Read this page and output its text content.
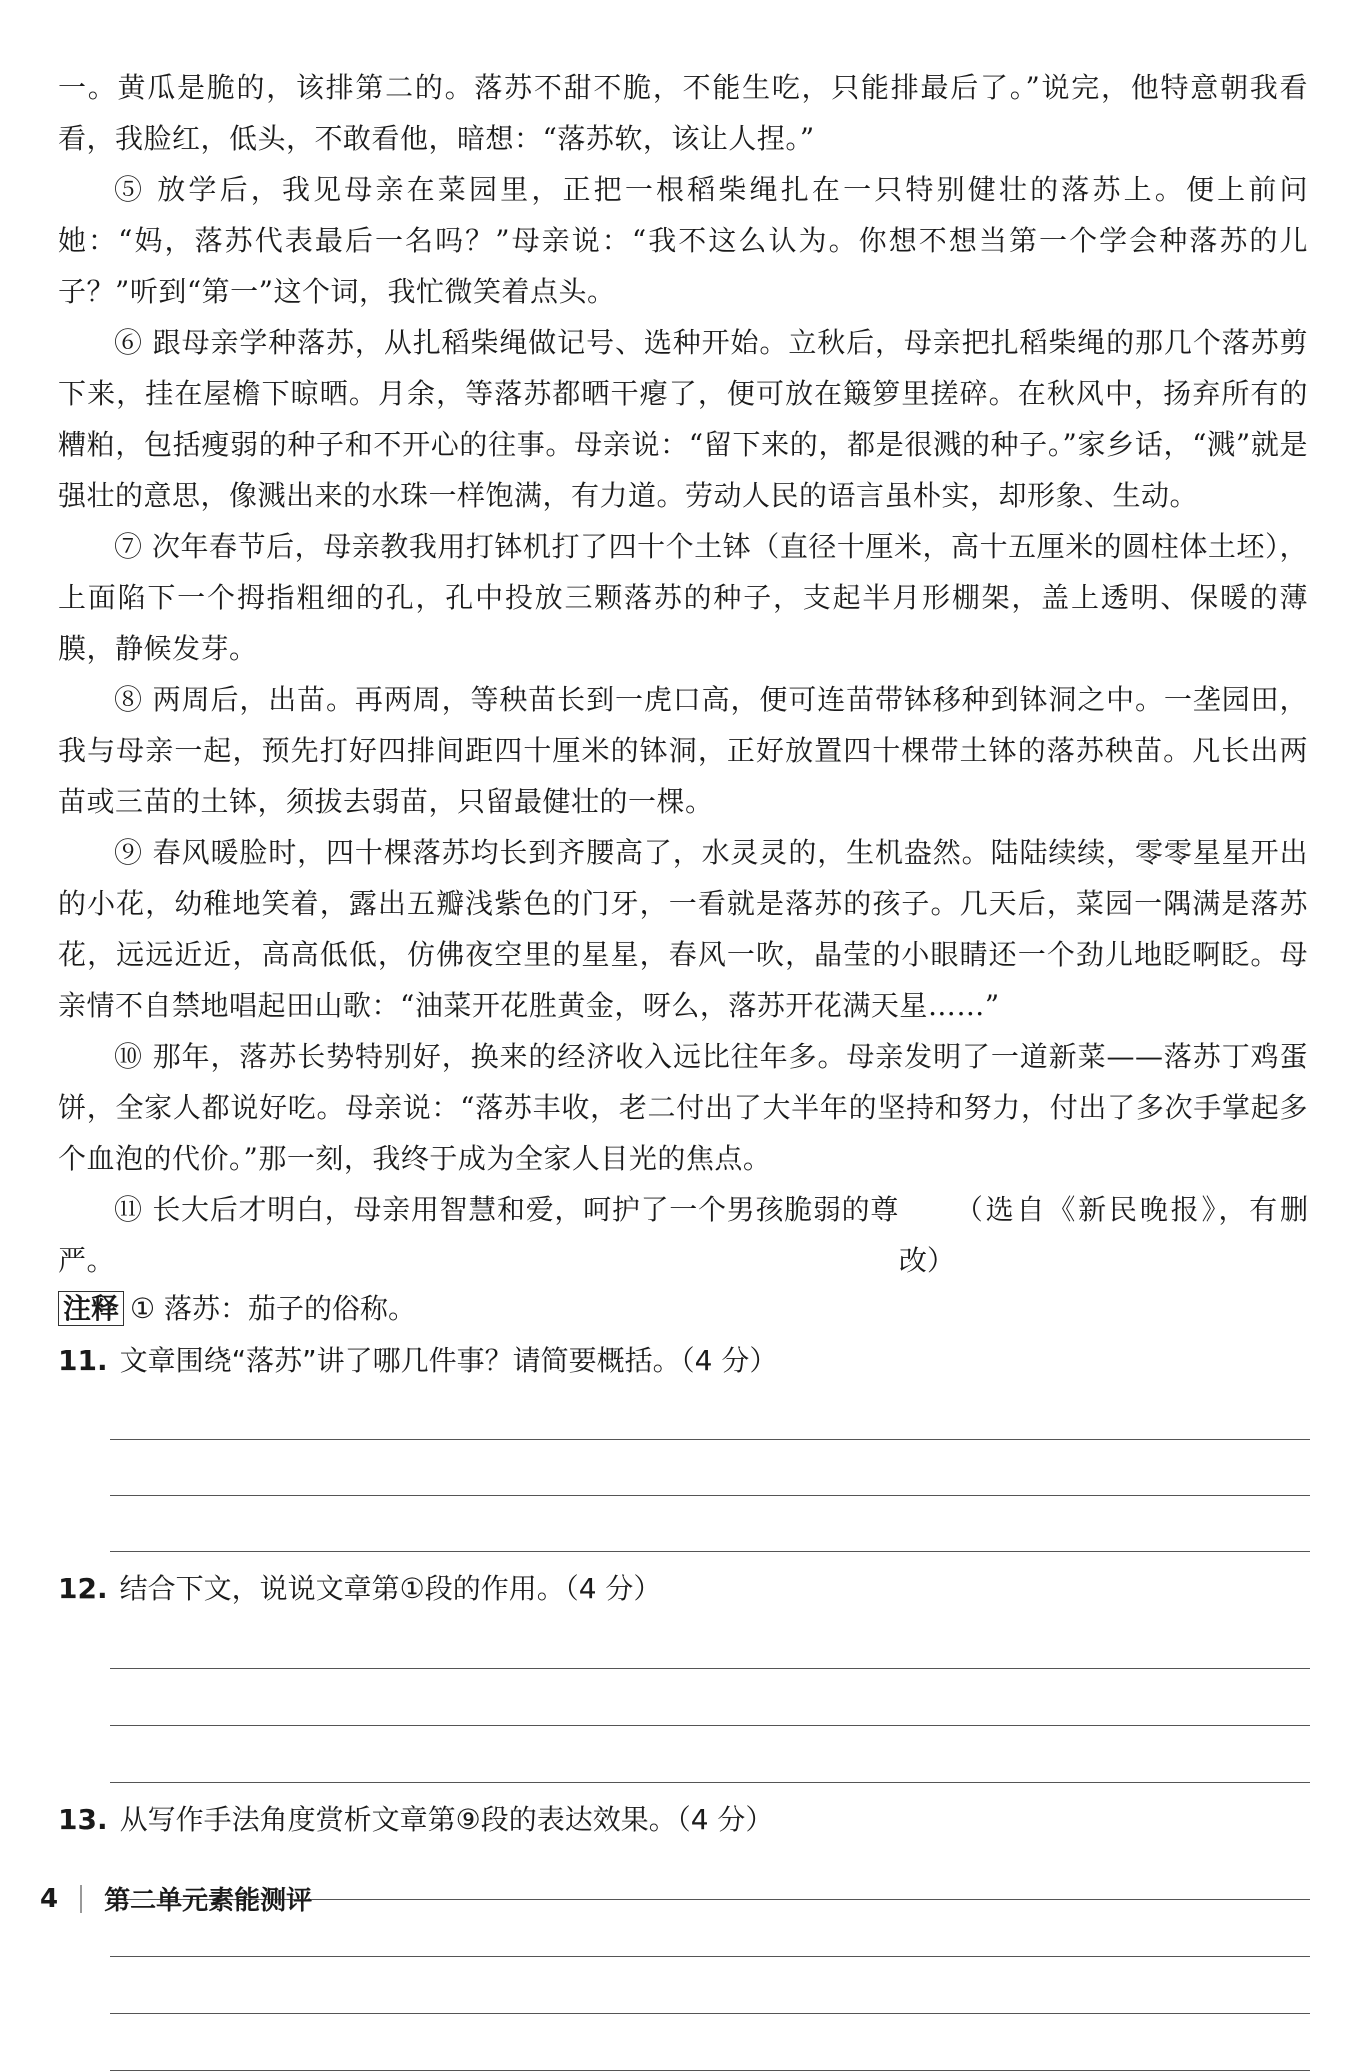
一。黄瓜是脆的，该排第二的。落苏不甜不脆，不能生吃，只能排最后了。”说完，他特意朝我看看，我脸红，低头，不敢看他，暗想：“落苏软，该让人捏。”

⑤ 放学后，我见母亲在菜园里，正把一根稻柴绳扎在一只特别健壮的落苏上。便上前问她：“妈，落苏代表最后一名吗？”母亲说：“我不这么认为。你想不想当第一个学会种落苏的儿子？”听到“第一”这个词，我忙微笑着点头。

⑥ 跟母亲学种落苏，从扎稻柴绳做记号、选种开始。立秋后，母亲把扎稻柴绳的那几个落苏剪下来，挂在屋檐下晾晒。月余，等落苏都晒干瘪了，便可放在簸箩里搓碎。在秋风中，扬弃所有的糟粕，包括瘦弱的种子和不开心的往事。母亲说：“留下来的，都是很溅的种子。”家乡话，“溅”就是强壮的意思，像溅出来的水珠一样饱满，有力道。劳动人民的语言虽朴实，却形象、生动。

⑦ 次年春节后，母亲教我用打钵机打了四十个土钵（直径十厘米，高十五厘米的圆柱体土坯），上面陷下一个拇指粗细的孔，孔中投放三颗落苏的种子，支起半月形棚架，盖上透明、保暖的薄膜，静候发芽。

⑧ 两周后，出苗。再两周，等秧苗长到一虎口高，便可连苗带钵移种到钵洞之中。一垄园田，我与母亲一起，预先打好四排间距四十厘米的钵洞，正好放置四十棵带土钵的落苏秧苗。凡长出两苗或三苗的土钵，须拔去弱苗，只留最健壮的一棵。

⑨ 春风暖脸时，四十棵落苏均长到齐腰高了，水灵灵的，生机盎然。陆陆续续，零零星星开出的小花，幼稚地笑着，露出五瓣浅紫色的门牙，一看就是落苏的孩子。几天后，菜园一隅满是落苏花，远远近近，高高低低，仿佛夜空里的星星，春风一吹，晶莹的小眼睛还一个劲儿地眨啊眨。母亲情不自禁地唱起田山歌：“油菜开花胜黄金，呀么，落苏开花满天星……”

⑩ 那年，落苏长势特别好，换来的经济收入远比往年多。母亲发明了一道新菜——落苏丁鸡蛋饼，全家人都说好吃。母亲说：“落苏丰收，老二付出了大半年的坚持和努力，付出了多次手掌起多个血泡的代价。”那一刻，我终于成为全家人目光的焦点。

⑪ 长大后才明白，母亲用智慧和爱，呵护了一个男孩脆弱的尊严。
（选自《新民晚报》，有删改）

注释 ① 落苏：茄子的俗称。

11. 文章围绕“落苏”讲了哪几件事？请简要概括。（4 分）

12. 结合下文，说说文章第①段的作用。（4 分）

13. 从写作手法角度赏析文章第⑨段的表达效果。（4 分）

4 第二单元素能测评
